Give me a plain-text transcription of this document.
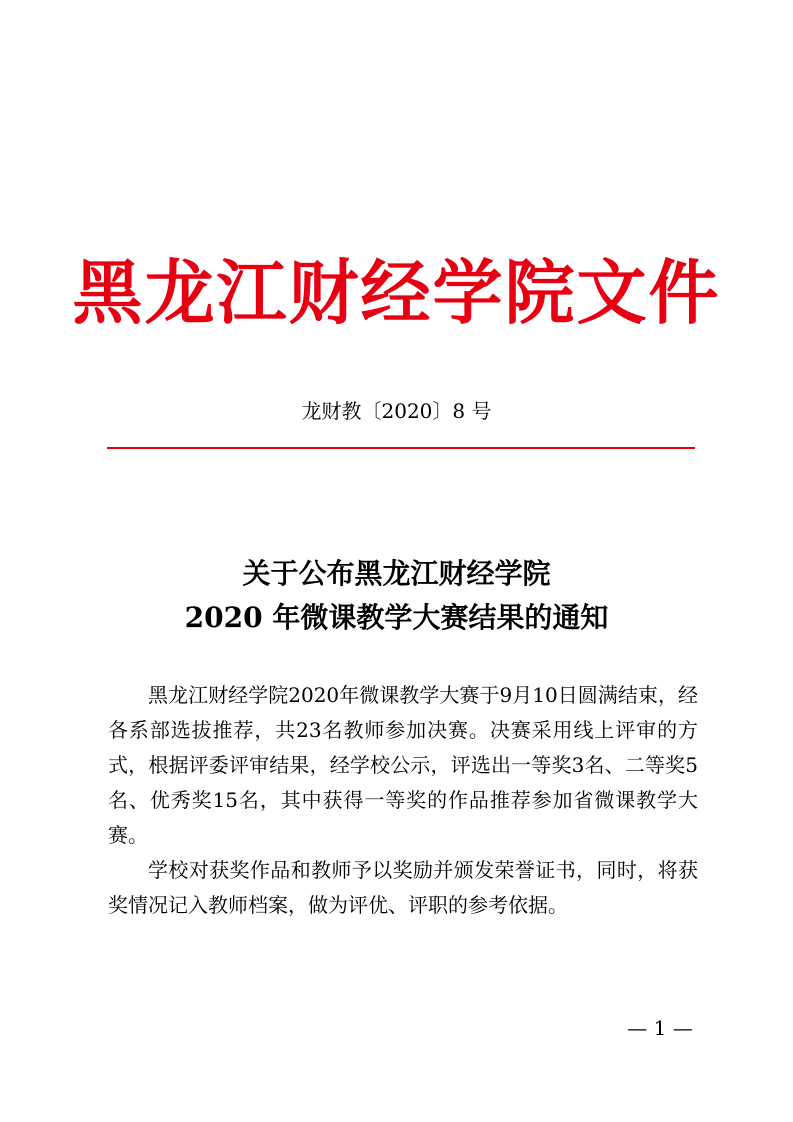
黑龙江财经学院文件
龙财教〔2020〕8 号
关于公布黑龙江财经学院
2020 年微课教学大赛结果的通知

黑龙江财经学院2020年微课教学大赛于9月10日圆满结束，经各系部选拔推荐，共23名教师参加决赛。决赛采用线上评审的方式，根据评委评审结果，经学校公示，评选出一等奖3名、二等奖5名、优秀奖15名，其中获得一等奖的作品推荐参加省微课教学大赛。

学校对获奖作品和教师予以奖励并颁发荣誉证书，同时，将获奖情况记入教师档案，做为评优、评职的参考依据。

— 1 —
